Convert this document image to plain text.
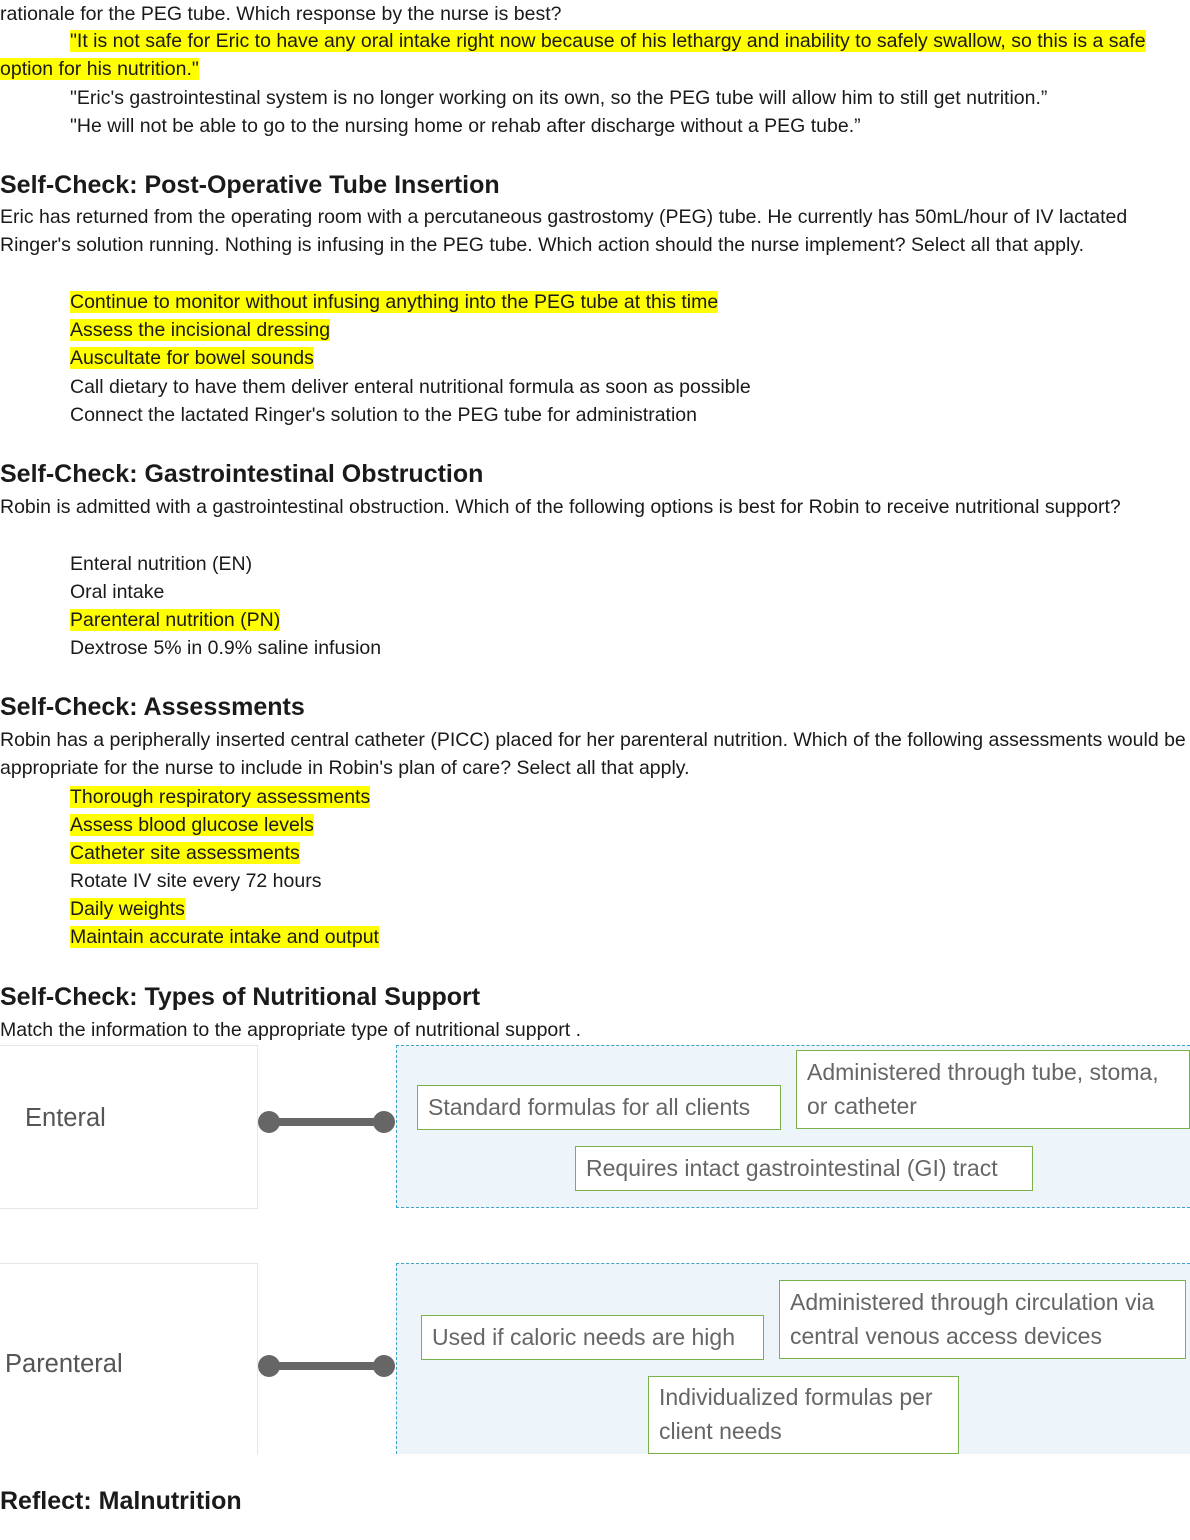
rationale for the PEG tube. Which response by the nurse is best?
"It is not safe for Eric to have any oral intake right now because of his lethargy and inability to safely swallow, so this is a safe option for his nutrition."
"Eric's gastrointestinal system is no longer working on its own, so the PEG tube will allow him to still get nutrition.”
"He will not be able to go to the nursing home or rehab after discharge without a PEG tube.”
Self-Check: Post-Operative Tube Insertion
Eric has returned from the operating room with a percutaneous gastrostomy (PEG) tube. He currently has 50mL/hour of IV lactated Ringer's solution running. Nothing is infusing in the PEG tube. Which action should the nurse implement? Select all that apply.
Continue to monitor without infusing anything into the PEG tube at this time
Assess the incisional dressing
Auscultate for bowel sounds
Call dietary to have them deliver enteral nutritional formula as soon as possible
Connect the lactated Ringer's solution to the PEG tube for administration
Self-Check: Gastrointestinal Obstruction
Robin is admitted with a gastrointestinal obstruction. Which of the following options is best for Robin to receive nutritional support?
Enteral nutrition (EN)
Oral intake
Parenteral nutrition (PN)
Dextrose 5% in 0.9% saline infusion
Self-Check: Assessments
Robin has a peripherally inserted central catheter (PICC) placed for her parenteral nutrition. Which of the following assessments would be appropriate for the nurse to include in Robin's plan of care? Select all that apply.
Thorough respiratory assessments
Assess blood glucose levels
Catheter site assessments
Rotate IV site every 72 hours
Daily weights
Maintain accurate intake and output
Self-Check: Types of Nutritional Support
Match the information to the appropriate type of nutritional support .
Enteral	Standard formulas for all clients
Administered through tube, stoma,
or catheter
Requires intact gastrointestinal (GI) tract
Parenteral
Used if caloric needs are high
Administered through circulation via
central venous access devices
Individualized formulas per
client needs
Reflect: Malnutrition
